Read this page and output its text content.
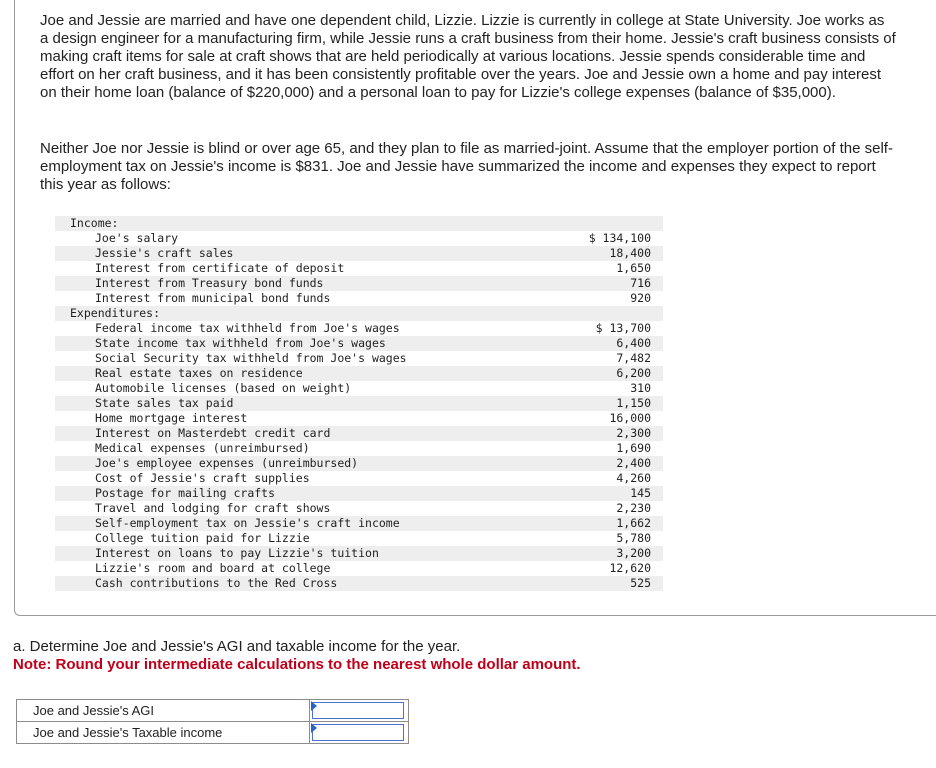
Joe and Jessie are married and have one dependent child, Lizzie. Lizzie is currently in college at State University. Joe works as a design engineer for a manufacturing firm, while Jessie runs a craft business from their home. Jessie's craft business consists of making craft items for sale at craft shows that are held periodically at various locations. Jessie spends considerable time and effort on her craft business, and it has been consistently profitable over the years. Joe and Jessie own a home and pay interest on their home loan (balance of $220,000) and a personal loan to pay for Lizzie's college expenses (balance of $35,000).

Neither Joe nor Jessie is blind or over age 65, and they plan to file as married-joint. Assume that the employer portion of the self-employment tax on Jessie's income is $831. Joe and Jessie have summarized the income and expenses they expect to report this year as follows:

Income:
Joe's salary	$ 134,100
Jessie's craft sales	18,400
Interest from certificate of deposit	1,650
Interest from Treasury bond funds	716
Interest from municipal bond funds	920
Expenditures:
Federal income tax withheld from Joe's wages	$ 13,700
State income tax withheld from Joe's wages	6,400
Social Security tax withheld from Joe's wages	7,482
Real estate taxes on residence	6,200
Automobile licenses (based on weight)	310
State sales tax paid	1,150
Home mortgage interest	16,000
Interest on Masterdebt credit card	2,300
Medical expenses (unreimbursed)	1,690
Joe's employee expenses (unreimbursed)	2,400
Cost of Jessie's craft supplies	4,260
Postage for mailing crafts	145
Travel and lodging for craft shows	2,230
Self-employment tax on Jessie's craft income	1,662
College tuition paid for Lizzie	5,780
Interest on loans to pay Lizzie's tuition	3,200
Lizzie's room and board at college	12,620
Cash contributions to the Red Cross	525

a. Determine Joe and Jessie's AGI and taxable income for the year.

Note: Round your intermediate calculations to the nearest whole dollar amount.

Joe and Jessie's AGI	

Joe and Jessie's Taxable income	
